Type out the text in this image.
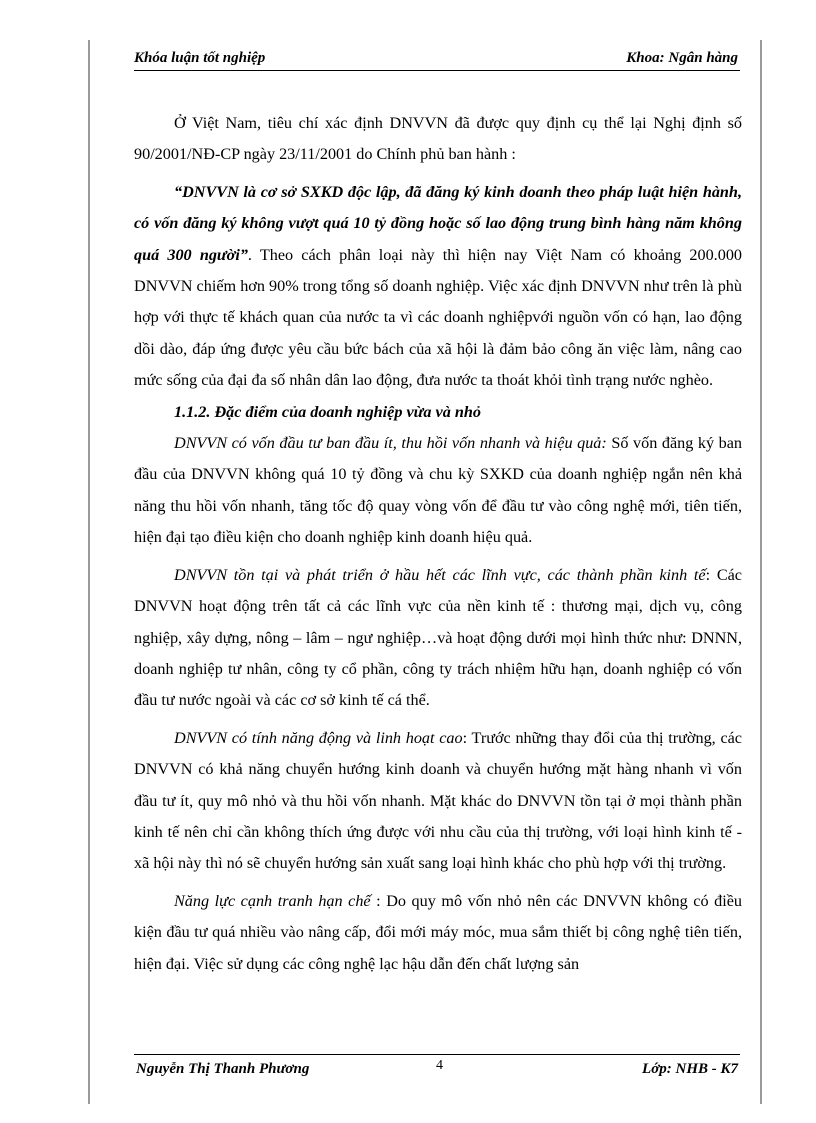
Khóa luận tốt nghiệp	Khoa: Ngân hàng

Ở Việt Nam, tiêu chí xác định DNVVN đã được quy định cụ thể lại Nghị định số 90/2001/NĐ-CP ngày 23/11/2001 do Chính phủ ban hành :

“DNVVN là cơ sở SXKD độc lập, đã đăng ký kinh doanh theo pháp luật hiện hành, có vốn đăng ký không vượt quá 10 tỷ đồng hoặc số lao động trung bình hàng năm không quá 300 người”. Theo cách phân loại này thì hiện nay Việt Nam có khoảng 200.000 DNVVN chiếm hơn 90% trong tổng số doanh nghiệp. Việc xác định DNVVN như trên là phù hợp với thực tế khách quan của nước ta vì các doanh nghiệpvới nguồn vốn có hạn, lao động dồi dào, đáp ứng được yêu cầu bức bách của xã hội là đảm bảo công ăn việc làm, nâng cao mức sống của đại đa số nhân dân lao động, đưa nước ta thoát khỏi tình trạng nước nghèo.

1.1.2. Đặc điểm của doanh nghiệp vừa và nhỏ

DNVVN có vốn đầu tư ban đầu ít, thu hồi vốn nhanh và hiệu quả: Số vốn đăng ký ban đầu của DNVVN không quá 10 tỷ đồng và chu kỳ SXKD của doanh nghiệp ngắn nên khả năng thu hồi vốn nhanh, tăng tốc độ quay vòng vốn để đầu tư vào công nghệ mới, tiên tiến, hiện đại tạo điều kiện cho doanh nghiệp kinh doanh hiệu quả.

DNVVN tồn tại và phát triển ở hầu hết các lĩnh vực, các thành phần kinh tế: Các DNVVN hoạt động trên tất cả các lĩnh vực của nền kinh tế : thương mại, dịch vụ, công nghiệp, xây dựng, nông – lâm – ngư nghiệp…và hoạt động dưới mọi hình thức như: DNNN, doanh nghiệp tư nhân, công ty cổ phần, công ty trách nhiệm hữu hạn, doanh nghiệp có vốn đầu tư nước ngoài và các cơ sở kinh tế cá thể.

DNVVN có tính năng động và linh hoạt cao: Trước những thay đổi của thị trường, các DNVVN có khả năng chuyển hướng kinh doanh và chuyển hướng mặt hàng nhanh vì vốn đầu tư ít, quy mô nhỏ và thu hồi vốn nhanh. Mặt khác do DNVVN tồn tại ở mọi thành phần kinh tế nên chỉ cần không thích ứng được với nhu cầu của thị trường, với loại hình kinh tế - xã hội này thì nó sẽ chuyển hướng sản xuất sang loại hình khác cho phù hợp với thị trường.

Năng lực cạnh tranh hạn chế : Do quy mô vốn nhỏ nên các DNVVN không có điều kiện đầu tư quá nhiều vào nâng cấp, đổi mới máy móc, mua sắm thiết bị công nghệ tiên tiến, hiện đại. Việc sử dụng các công nghệ lạc hậu dẫn đến chất lượng sản

Nguyễn Thị Thanh Phương	4	Lớp: NHB - K7
